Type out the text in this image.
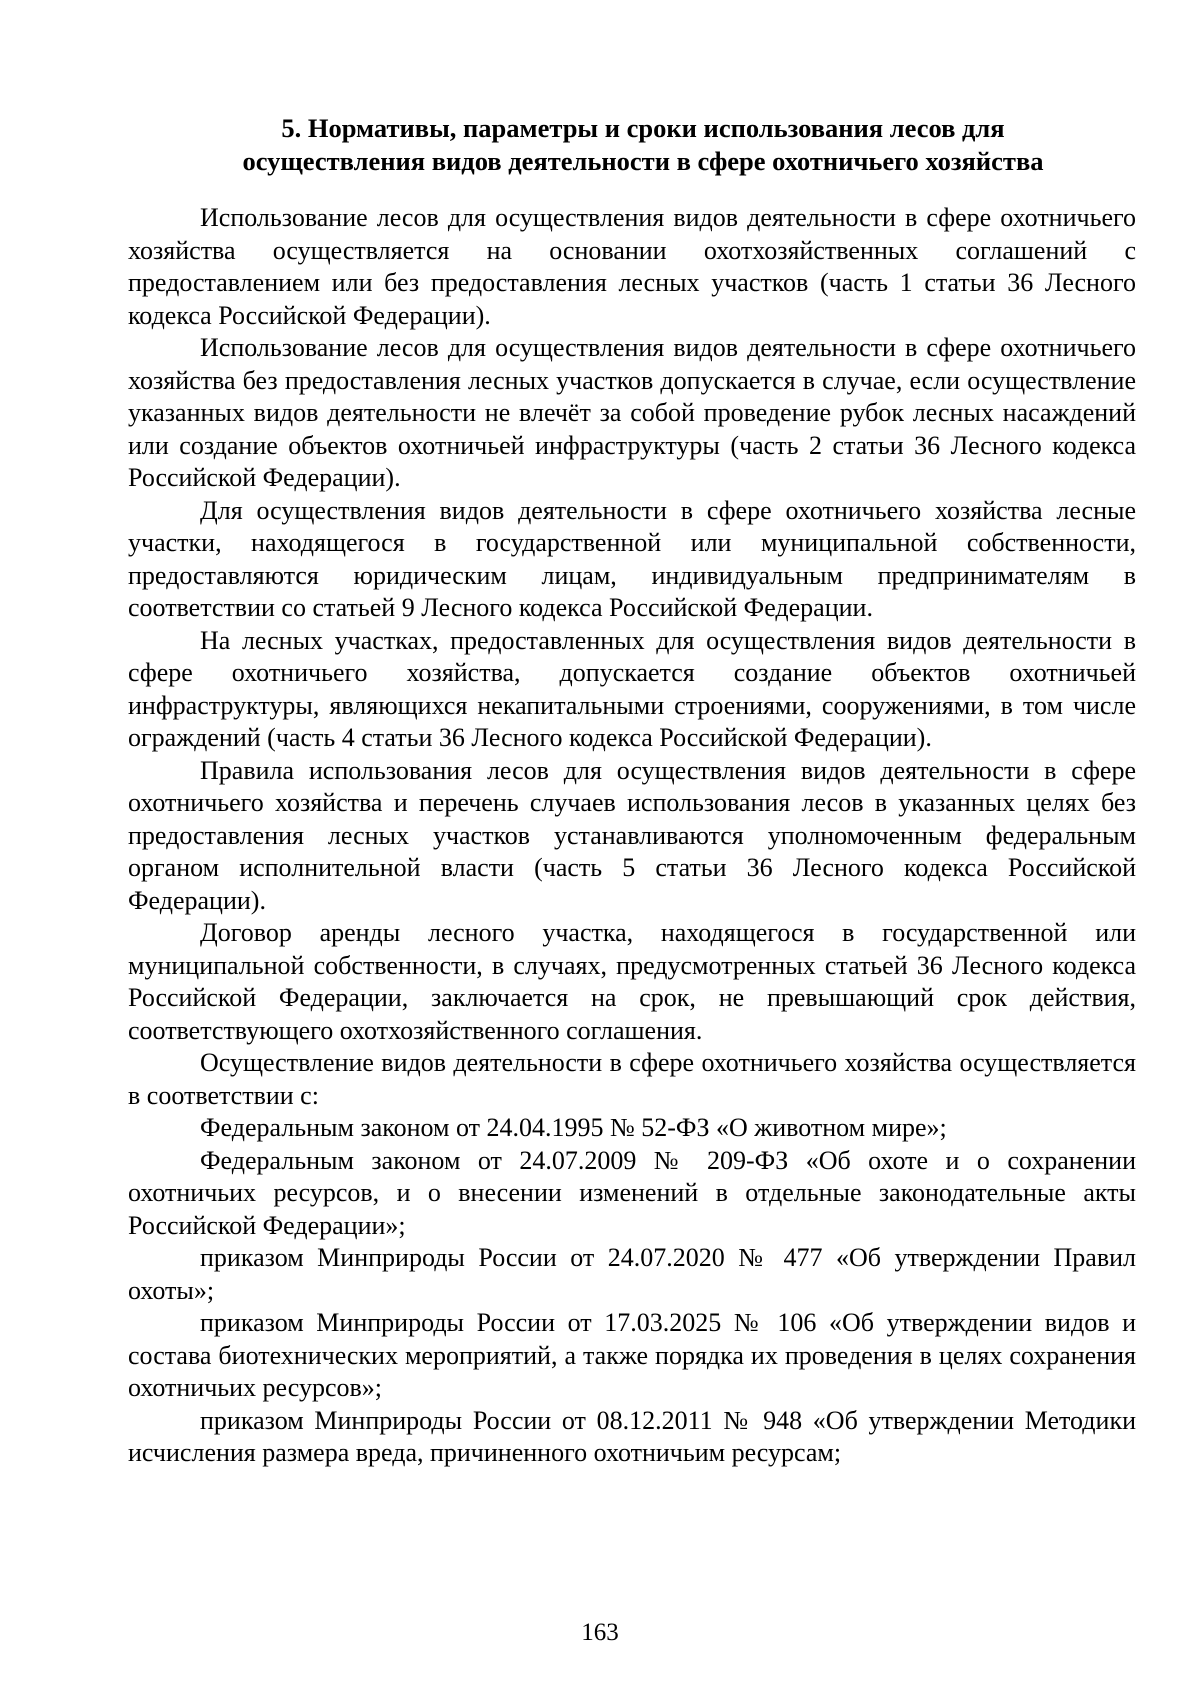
5. Нормативы, параметры и сроки использования лесов для
осуществления видов деятельности в сфере охотничьего хозяйства

Использование лесов для осуществления видов деятельности в сфере охотничьего хозяйства осуществляется на основании охотхозяйственных соглашений с предоставлением или без предоставления лесных участков (часть 1 статьи 36 Лесного кодекса Российской Федерации).

Использование лесов для осуществления видов деятельности в сфере охотничьего хозяйства без предоставления лесных участков допускается в случае, если осуществление указанных видов деятельности не влечёт за собой проведение рубок лесных насаждений или создание объектов охотничьей инфраструктуры (часть 2 статьи 36 Лесного кодекса Российской Федерации).

Для осуществления видов деятельности в сфере охотничьего хозяйства лесные участки, находящегося в государственной или муниципальной собственности, предоставляются юридическим лицам, индивидуальным предпринимателям в соответствии со статьей 9 Лесного кодекса Российской Федерации.

На лесных участках, предоставленных для осуществления видов деятельности в сфере охотничьего хозяйства, допускается создание объектов охотничьей инфраструктуры, являющихся некапитальными строениями, сооружениями, в том числе ограждений (часть 4 статьи 36 Лесного кодекса Российской Федерации).

Правила использования лесов для осуществления видов деятельности в сфере охотничьего хозяйства и перечень случаев использования лесов в указанных целях без предоставления лесных участков устанавливаются уполномоченным федеральным органом исполнительной власти (часть 5 статьи 36 Лесного кодекса Российской Федерации).

Договор аренды лесного участка, находящегося в государственной или муниципальной собственности, в случаях, предусмотренных статьей 36 Лесного кодекса Российской Федерации, заключается на срок, не превышающий срок действия, соответствующего охотхозяйственного соглашения.

Осуществление видов деятельности в сфере охотничьего хозяйства осуществляется в соответствии с:

Федеральным законом от 24.04.1995 № 52-ФЗ «О животном мире»;

Федеральным законом от 24.07.2009 № 209-ФЗ «Об охоте и о сохранении охотничьих ресурсов, и о внесении изменений в отдельные законодательные акты Российской Федерации»;

приказом Минприроды России от 24.07.2020 № 477 «Об утверждении Правил охоты»;

приказом Минприроды России от 17.03.2025 № 106 «Об утверждении видов и состава биотехнических мероприятий, а также порядка их проведения в целях сохранения охотничьих ресурсов»;

приказом Минприроды России от 08.12.2011 № 948 «Об утверждении Методики исчисления размера вреда, причиненного охотничьим ресурсам;

163
